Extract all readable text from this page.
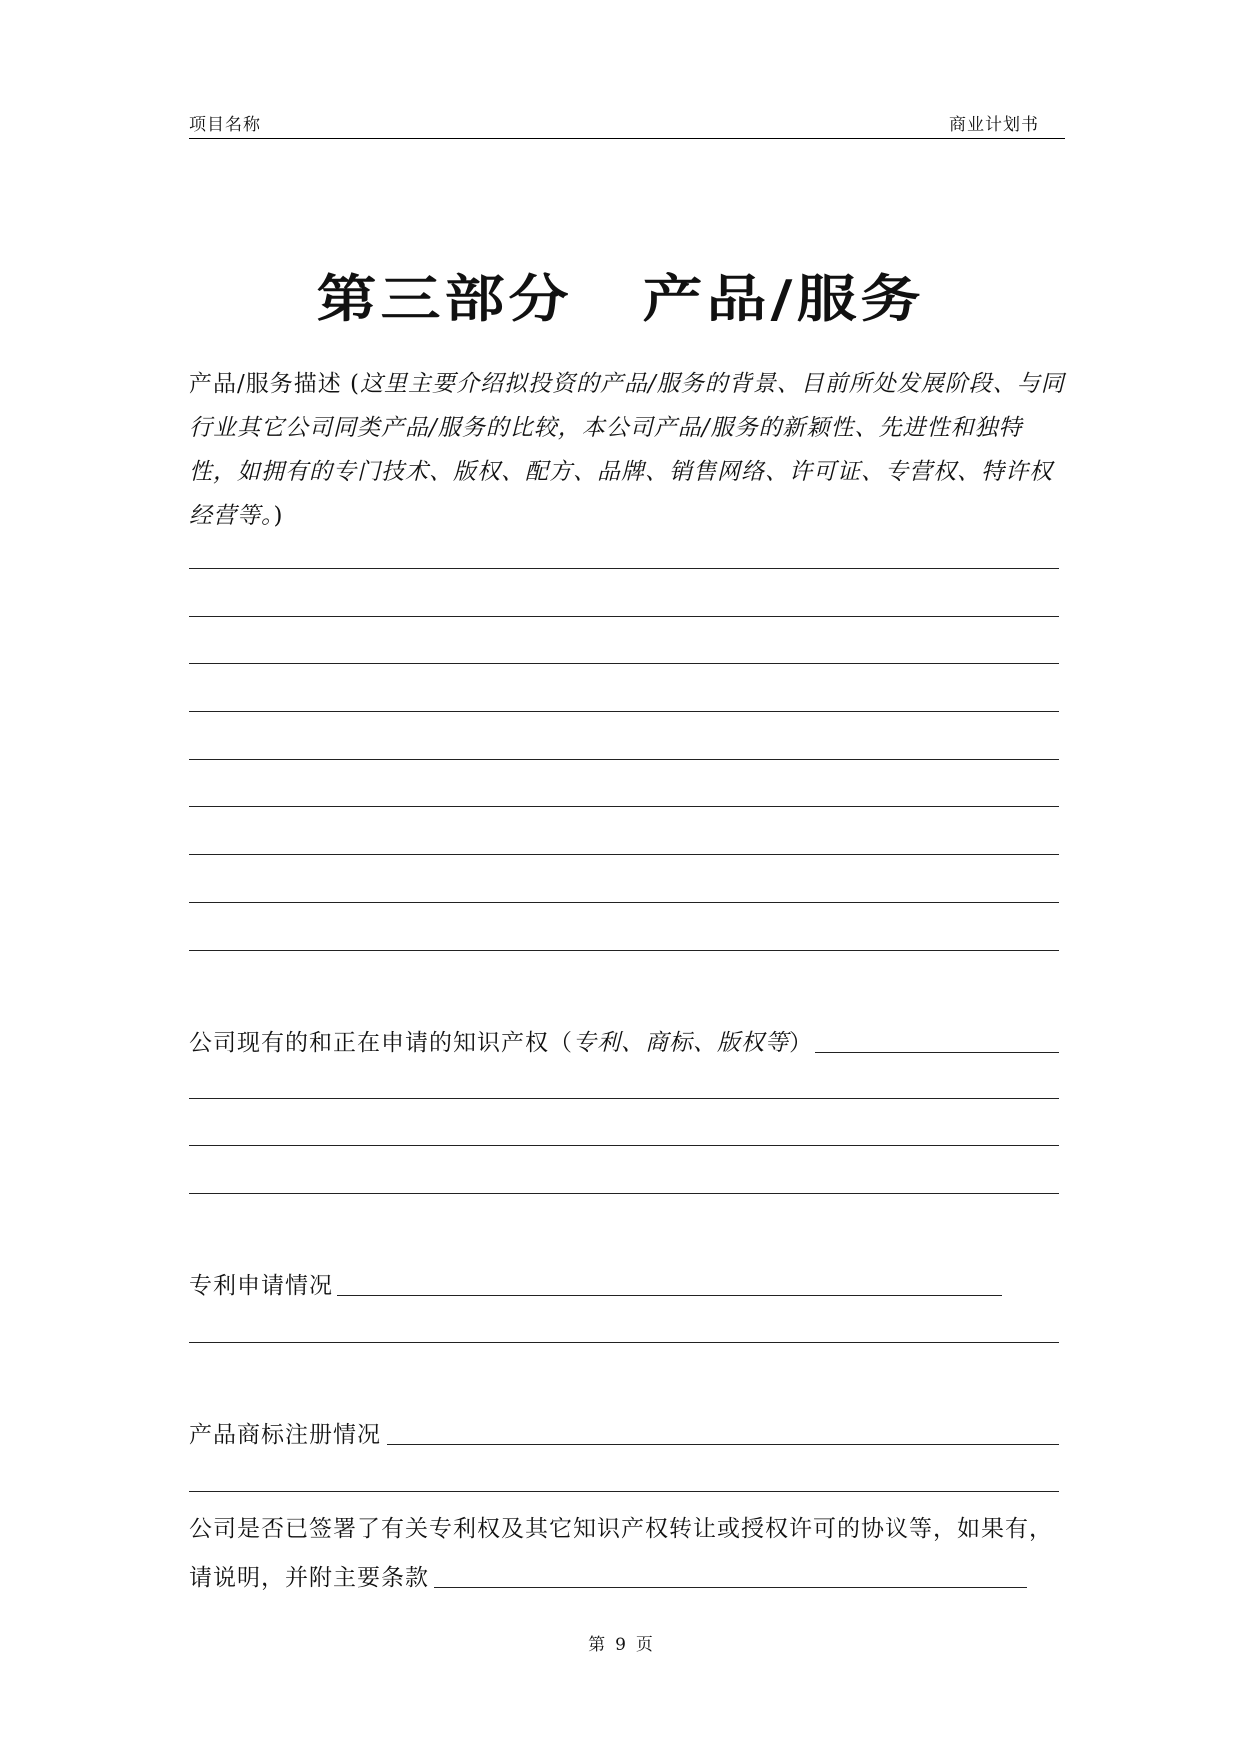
项目名称	商业计划书
第三部分 产品/服务
产品/服务描述 (这里主要介绍拟投资的产品/服务的背景、目前所处发展阶段、与同行业其它公司同类产品/服务的比较，本公司产品/服务的新颖性、先进性和独特性，如拥有的专门技术、版权、配方、品牌、销售网络、许可证、专营权、特许权经营等。)
公司现有的和正在申请的知识产权（专利、商标、版权等）
专利申请情况
产品商标注册情况
公司是否已签署了有关专利权及其它知识产权转让或授权许可的协议等，如果有，
请说明，并附主要条款
第 9 页
